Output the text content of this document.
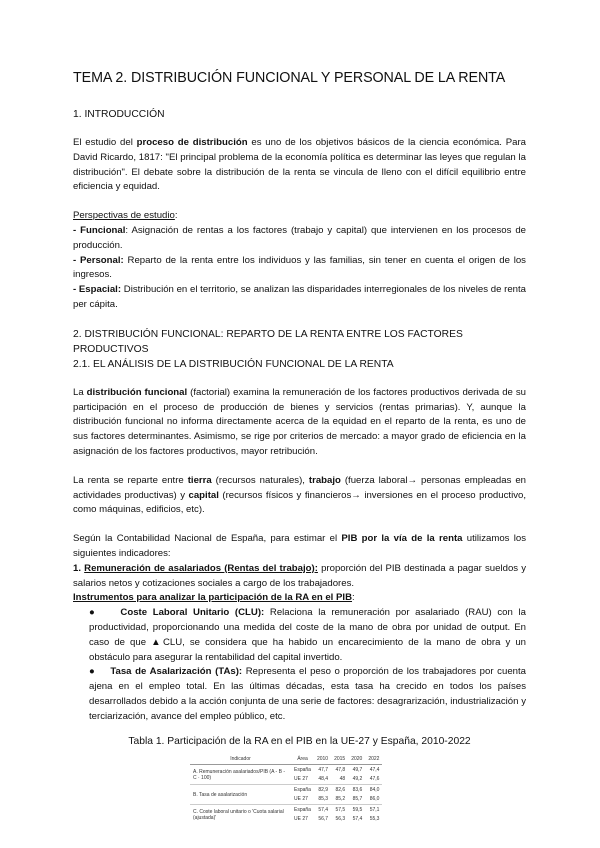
TEMA 2. DISTRIBUCIÓN FUNCIONAL Y PERSONAL DE LA RENTA
1. INTRODUCCIÓN

El estudio del proceso de distribución es uno de los objetivos básicos de la ciencia económica. Para David Ricardo, 1817: "El principal problema de la economía política es determinar las leyes que regulan la distribución". El debate sobre la distribución de la renta se vincula de lleno con el difícil equilibrio entre eficiencia y equidad.

Perspectivas de estudio:

- Funcional: Asignación de rentas a los factores (trabajo y capital) que intervienen en los procesos de producción.

- Personal: Reparto de la renta entre los individuos y las familias, sin tener en cuenta el origen de los ingresos.

- Espacial: Distribución en el territorio, se analizan las disparidades interregionales de los niveles de renta per cápita.

2. DISTRIBUCIÓN FUNCIONAL: REPARTO DE LA RENTA ENTRE LOS FACTORES PRODUCTIVOS
2.1. EL ANÁLISIS DE LA DISTRIBUCIÓN FUNCIONAL DE LA RENTA

La distribución funcional (factorial) examina la remuneración de los factores productivos derivada de su participación en el proceso de producción de bienes y servicios (rentas primarias). Y, aunque la distribución funcional no informa directamente acerca de la equidad en el reparto de la renta, es uno de sus factores determinantes. Asimismo, se rige por criterios de mercado: a mayor grado de eficiencia en la asignación de los factores productivos, mayor retribución.

La renta se reparte entre tierra (recursos naturales), trabajo (fuerza laboral→ personas empleadas en actividades productivas) y capital (recursos físicos y financieros→ inversiones en el proceso productivo, como máquinas, edificios, etc).

Según la Contabilidad Nacional de España, para estimar el PIB por la vía de la renta utilizamos los siguientes indicadores:

1. Remuneración de asalariados (Rentas del trabajo): proporción del PIB destinada a pagar sueldos y salarios netos y cotizaciones sociales a cargo de los trabajadores.

Instrumentos para analizar la participación de la RA en el PIB:

●    Coste Laboral Unitario (CLU): Relaciona la remuneración por asalariado (RAU) con la productividad, proporcionando una medida del coste de la mano de obra por unidad de output. En caso de que ▲CLU, se considera que ha habido un encarecimiento de la mano de obra y un obstáculo para asegurar la rentabilidad del capital invertido.

●    Tasa de Asalarización (TAs): Representa el peso o proporción de los trabajadores por cuenta ajena en el empleo total. En las últimas décadas, esta tasa ha crecido en todos los países desarrollados debido a la acción conjunta de una serie de factores: desagrarización, industrialización y terciarización, avance del empleo público, etc.

Tabla 1. Participación de la RA en el PIB en la UE-27 y España, 2010-2022
Indicador	Área	2010	2015	2020	2022
A. Remuneración asalariados/PIB (A - B - C · 100)	España	47,7	47,8	49,7	47,4
	UE 27	48,4	48	49,2	47,6
B. Tasa de asalarización	España	82,9	82,6	83,6	84,0
	UE 27	85,3	85,2	85,7	86,0
C. Coste laboral unitario o 'Cuota salarial (ajustada)'	España	57,4	57,5	59,5	57,1
	UE 27	56,7	56,3	57,4	55,3
